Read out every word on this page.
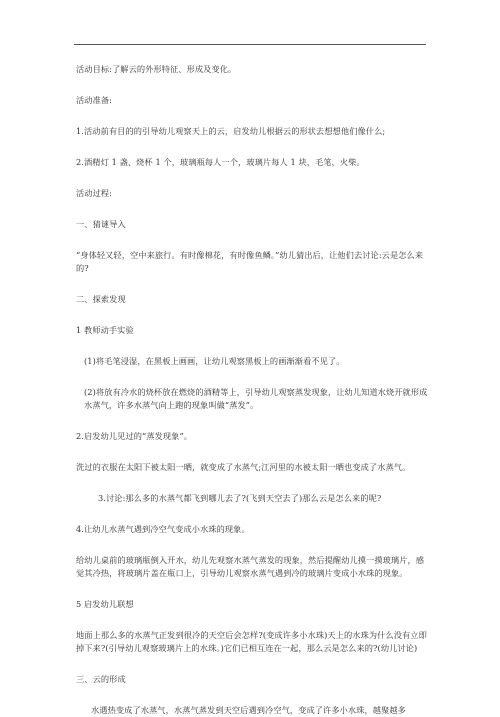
活动目标:了解云的外形特征、形成及变化。

活动准备:

1.活动前有目的的引导幼儿观察天上的云，启发幼儿根据云的形状去想想他们像什么;

2.酒精灯 1 盏、烧杯 1 个，玻璃瓶每人一个，玻璃片每人 1 块，毛笔，火柴。

活动过程:

一、猜谜导入

“身体轻又轻，空中来旅行。有时像棉花，有时像鱼鳞。”幼儿猜出后，让他们去讨论:云是怎么来的?

二、探索发现

1 教师动手实验

(1)将毛笔浸湿，在黑板上画画，让幼儿观察黑板上的画渐渐看不见了。

(2)将放有冷水的烧杯放在燃烧的酒精等上，引导幼儿观察蒸发现象，让幼儿知道水烧开就形成水蒸气，许多水蒸气向上跑的现象叫做“蒸发”。

2.启发幼儿见过的“蒸发现象”。

洗过的衣服在太阳下被太阳一晒，就变成了水蒸气;江河里的水被太阳一晒也变成了水蒸气。

3.讨论:那么多的水蒸气都飞到哪儿去了?(飞到天空去了)那么云是怎么来的呢?

4.让幼儿水蒸气遇到冷空气变成小水珠的现象。

给幼儿桌前的玻璃瓶倒入开水，幼儿先观察水蒸气蒸发的现象，然后提醒幼儿摸一摸玻璃片，感觉其冷热，将玻璃片盖在瓶口上，引导幼儿观察水蒸气遇到冷的玻璃片变成小水珠的现象。

5 启发幼儿联想

地面上那么多的水蒸气正发到很冷的天空后会怎样?(变成许多小水珠)天上的水珠为什么没有立即掉下来?(引导幼儿观察玻璃片上的水珠。)它们已相互连在一起，那么云是怎么来的?(幼儿讨论)

三、云的形成

水遇热变成了水蒸气，水蒸气蒸发到天空后遇到冷空气，变成了许多小水珠，越聚越多
